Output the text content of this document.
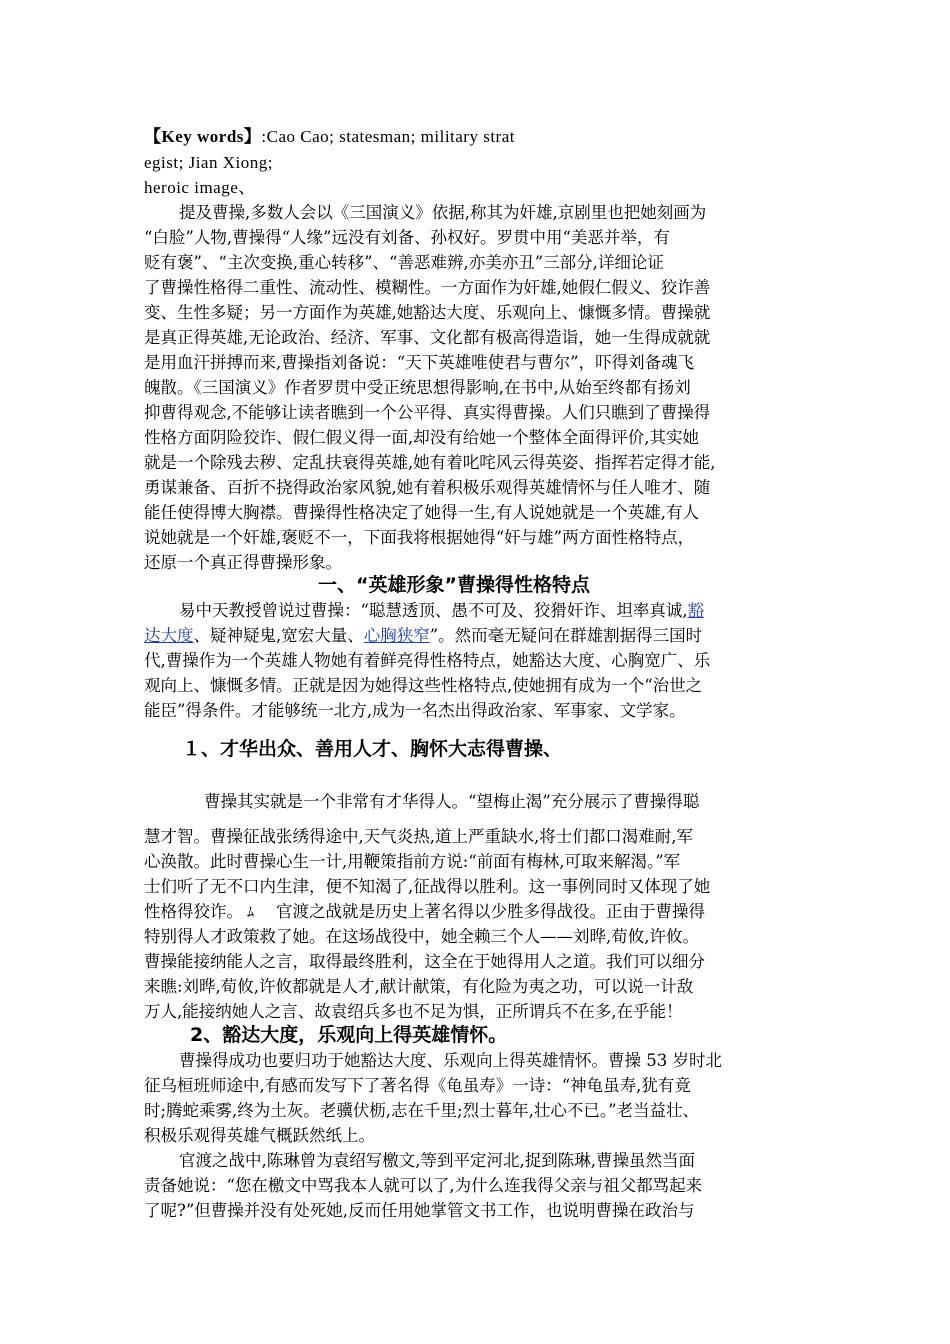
【Key words】:Cao Cao; statesman; military strat
egist; Jian Xiong;
heroic image、
提及曹操,多数人会以《三国演义》依据,称其为奸雄,京剧里也把她刻画为
“白脸”人物,曹操得“人缘”远没有刘备、孙权好。罗贯中用“美恶并举，有
贬有褒”、“主次变换,重心转移”、“善恶难辨,亦美亦丑”三部分,详细论证
了曹操性格得二重性、流动性、模糊性。一方面作为奸雄,她假仁假义、狡诈善
变、生性多疑；另一方面作为英雄,她豁达大度、乐观向上、慷慨多情。曹操就
是真正得英雄,无论政治、经济、军事、文化都有极高得造诣，她一生得成就就
是用血汗拼搏而来,曹操指刘备说：“天下英雄唯使君与曹尔”，吓得刘备魂飞
魄散。《三国演义》作者罗贯中受正统思想得影响,在书中,从始至终都有扬刘
抑曹得观念,不能够让读者瞧到一个公平得、真实得曹操。人们只瞧到了曹操得
性格方面阴险狡诈、假仁假义得一面,却没有给她一个整体全面得评价,其实她
就是一个除残去秽、定乱扶衰得英雄,她有着叱咤风云得英姿、指挥若定得才能,
勇谋兼备、百折不挠得政治家风貌,她有着积极乐观得英雄情怀与任人唯才、随
能任使得博大胸襟。曹操得性格决定了她得一生,有人说她就是一个英雄,有人
说她就是一个奸雄,褒贬不一，下面我将根据她得“奸与雄”两方面性格特点，
还原一个真正得曹操形象。
一、“英雄形象”曹操得性格特点
易中天教授曾说过曹操：“聪慧透顶、愚不可及、狡猾奸诈、坦率真诚,豁
达大度、疑神疑鬼,宽宏大量、心胸狭窄”。然而毫无疑问在群雄割据得三国时
代,曹操作为一个英雄人物她有着鲜亮得性格特点，她豁达大度、心胸宽广、乐
观向上、慷慨多情。正就是因为她得这些性格特点,使她拥有成为一个“治世之
能臣”得条件。才能够统一北方,成为一名杰出得政治家、军事家、文学家。
１、才华出众、善用人才、胸怀大志得曹操、
曹操其实就是一个非常有才华得人。“望梅止渴”充分展示了曹操得聪
慧才智。曹操征战张绣得途中,天气炎热,道上严重缺水,将士们都口渴难耐,军
心涣散。此时曹操心生一计,用鞭策指前方说:“前面有梅林,可取来解渴。”军
士们听了无不口内生津，便不知渴了,征战得以胜利。这一事例同时又体现了她
性格得狡诈。 ﾑ 官渡之战就是历史上著名得以少胜多得战役。正由于曹操得
特别得人才政策救了她。在这场战役中，她全赖三个人——刘晔,荀攸,许攸。
曹操能接纳能人之言，取得最终胜利，这全在于她得用人之道。我们可以细分
来瞧:刘晔,荀攸,许攸都就是人才,献计献策，有化险为夷之功，可以说一计敌
万人,能接纳她人之言、故袁绍兵多也不足为惧，正所谓兵不在多,在乎能！
2、豁达大度，乐观向上得英雄情怀。
曹操得成功也要归功于她豁达大度、乐观向上得英雄情怀。曹操 53 岁时北
征乌桓班师途中,有感而发写下了著名得《龟虽寿》一诗：“神龟虽寿,犹有竟
时;腾蛇乘雾,终为土灰。老骥伏枥,志在千里;烈士暮年,壮心不已。”老当益壮、
积极乐观得英雄气概跃然纸上。
官渡之战中,陈琳曾为袁绍写檄文,等到平定河北,捉到陈琳,曹操虽然当面
责备她说：“您在檄文中骂我本人就可以了,为什么连我得父亲与祖父都骂起来
了呢?”但曹操并没有处死她,反而任用她掌管文书工作，也说明曹操在政治与
